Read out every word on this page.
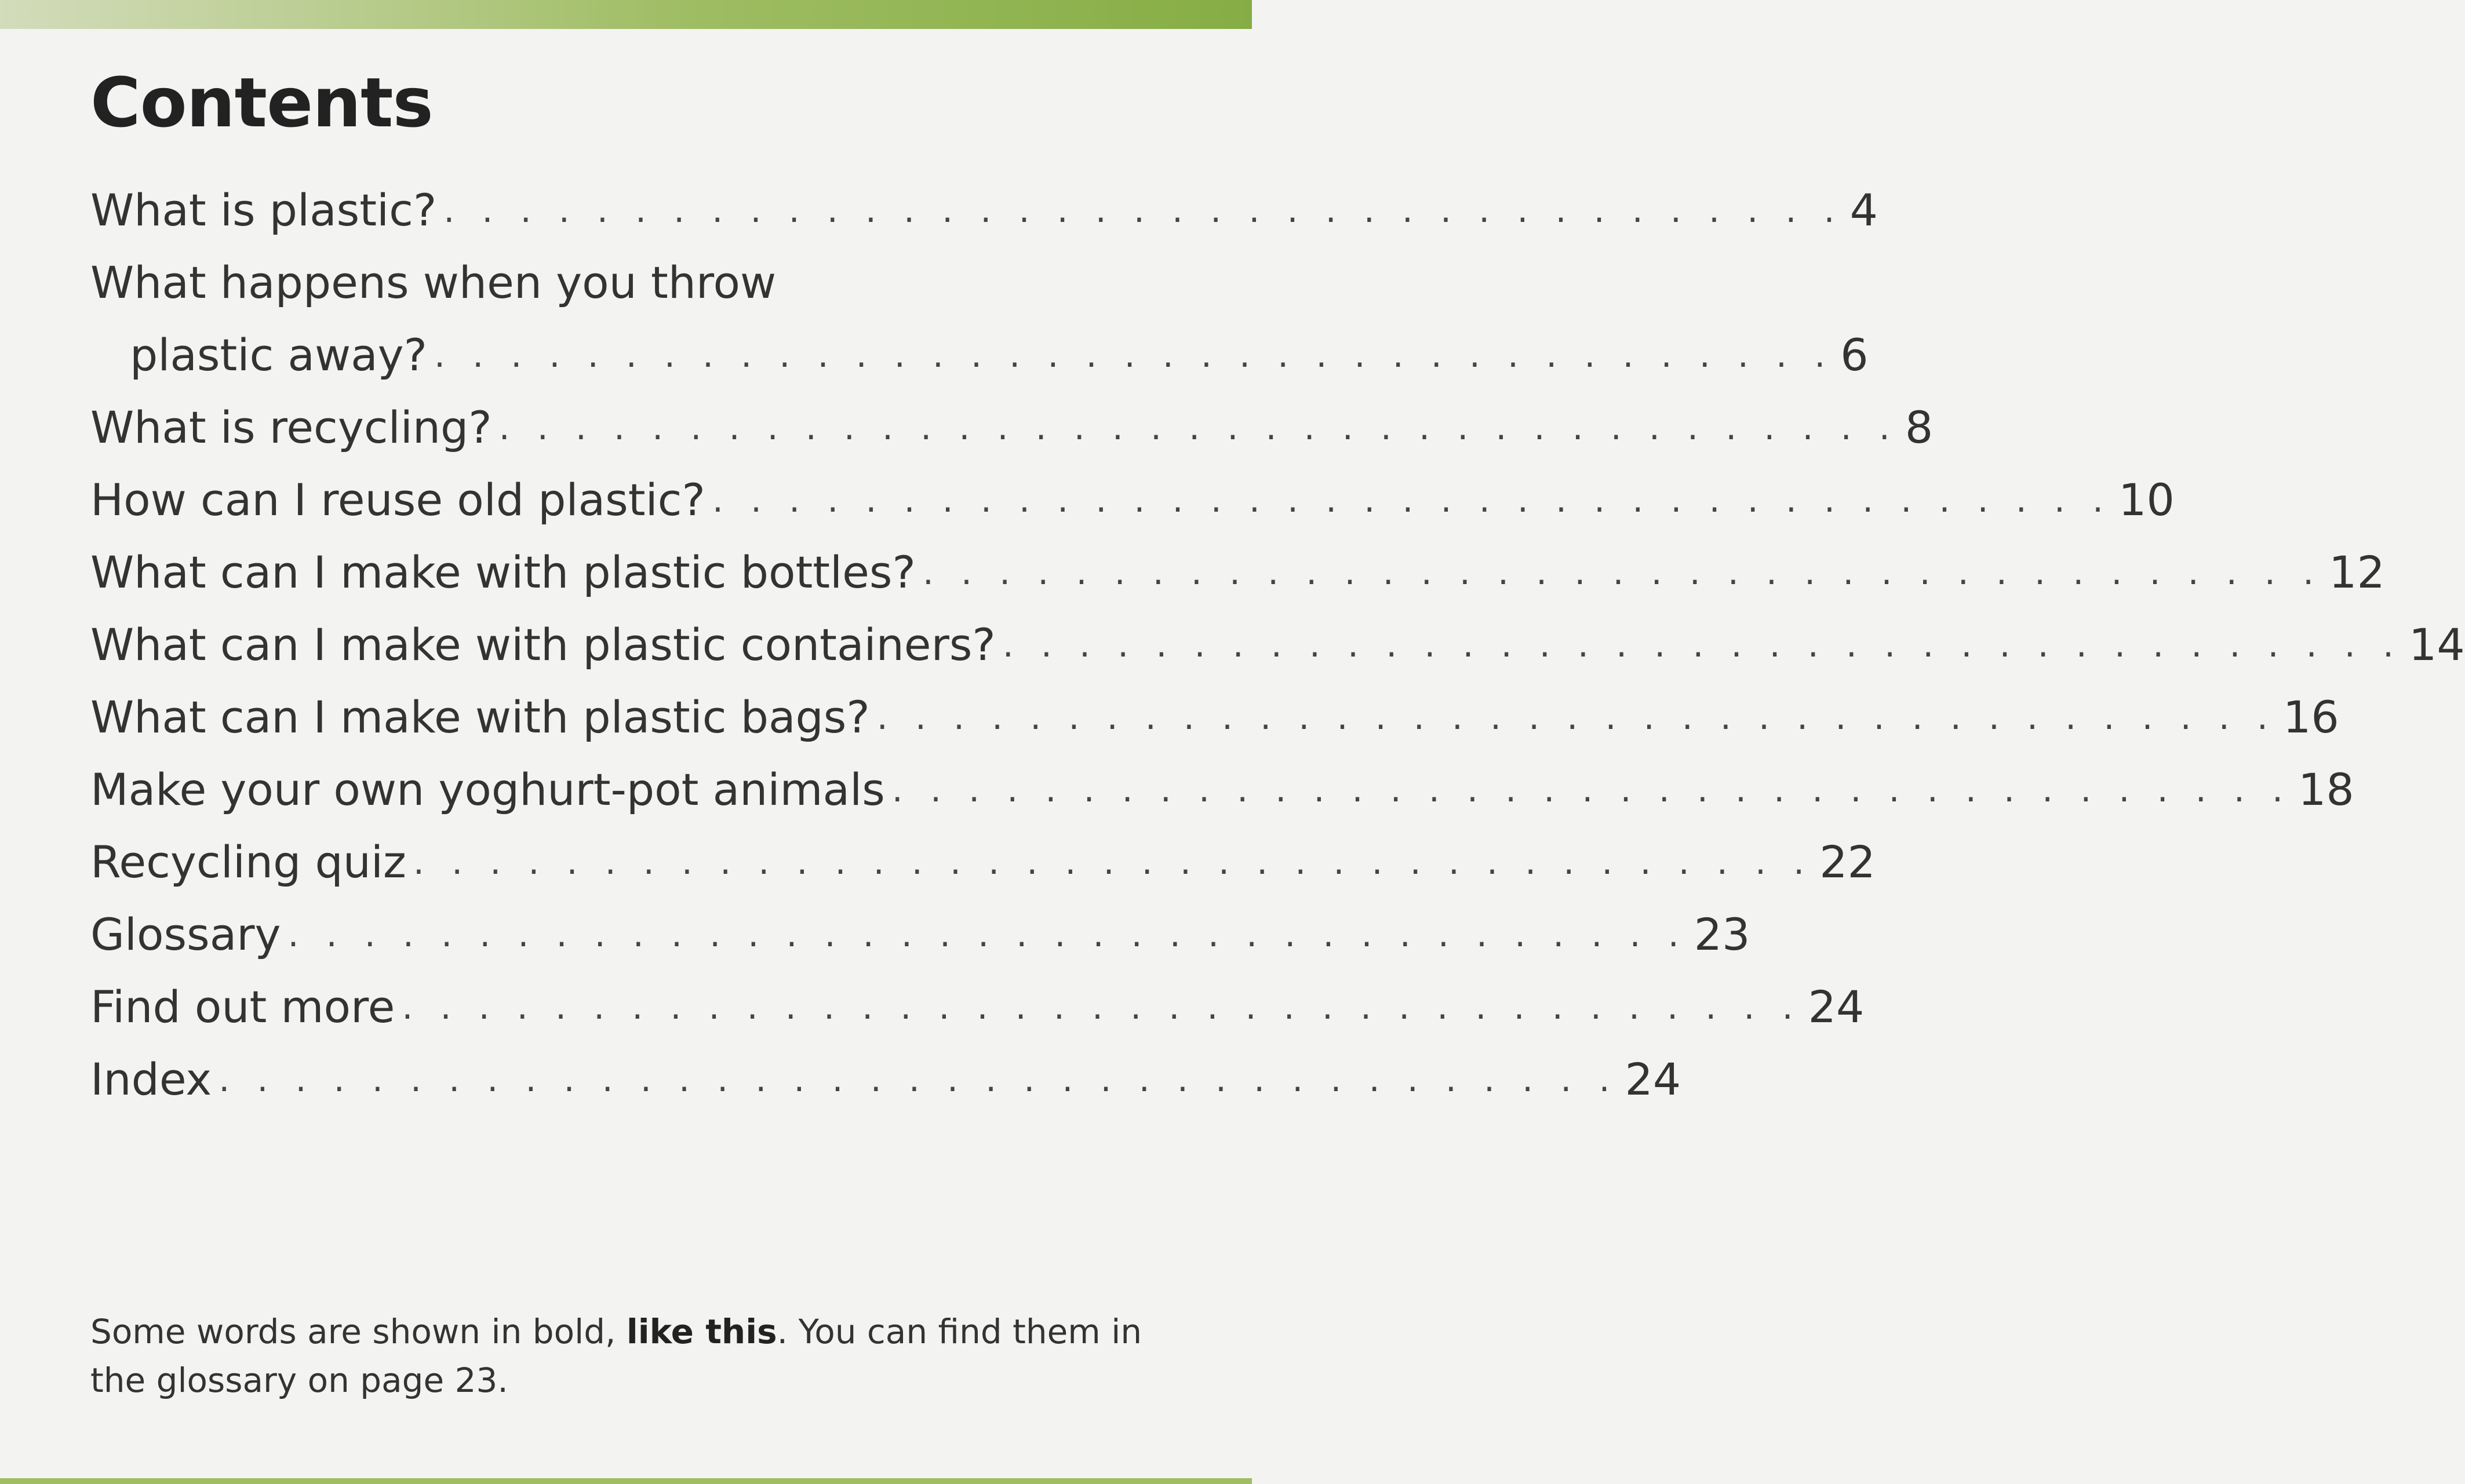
Contents
What is plastic? . . . . . . . . . . . . . . . . . . . . . . . . . . . . . . . . . . . . . 4
What happens when you throw
plastic away? . . . . . . . . . . . . . . . . . . . . . . . . . . . . . . . . . . . . . 6
What is recycling? . . . . . . . . . . . . . . . . . . . . . . . . . . . . . . . . . . . . . 8
How can I reuse old plastic? . . . . . . . . . . . . . . . . . . . . . . . . . . . . . . . . . . . . . 10
What can I make with plastic bottles? . . . . . . . . . . . . . . . . . . . . . . . . . . . . . . . . . . . . . 12
What can I make with plastic containers? . . . . . . . . . . . . . . . . . . . . . . . . . . . . . . . . . . . . . 14
What can I make with plastic bags? . . . . . . . . . . . . . . . . . . . . . . . . . . . . . . . . . . . . . 16
Make your own yoghurt-pot animals . . . . . . . . . . . . . . . . . . . . . . . . . . . . . . . . . . . . . 18
Recycling quiz . . . . . . . . . . . . . . . . . . . . . . . . . . . . . . . . . . . . . 22
Glossary . . . . . . . . . . . . . . . . . . . . . . . . . . . . . . . . . . . . . 23
Find out more . . . . . . . . . . . . . . . . . . . . . . . . . . . . . . . . . . . . . 24
Index . . . . . . . . . . . . . . . . . . . . . . . . . . . . . . . . . . . . . 24

Some words are shown in bold, like this. You can find them in the glossary on page 23.
